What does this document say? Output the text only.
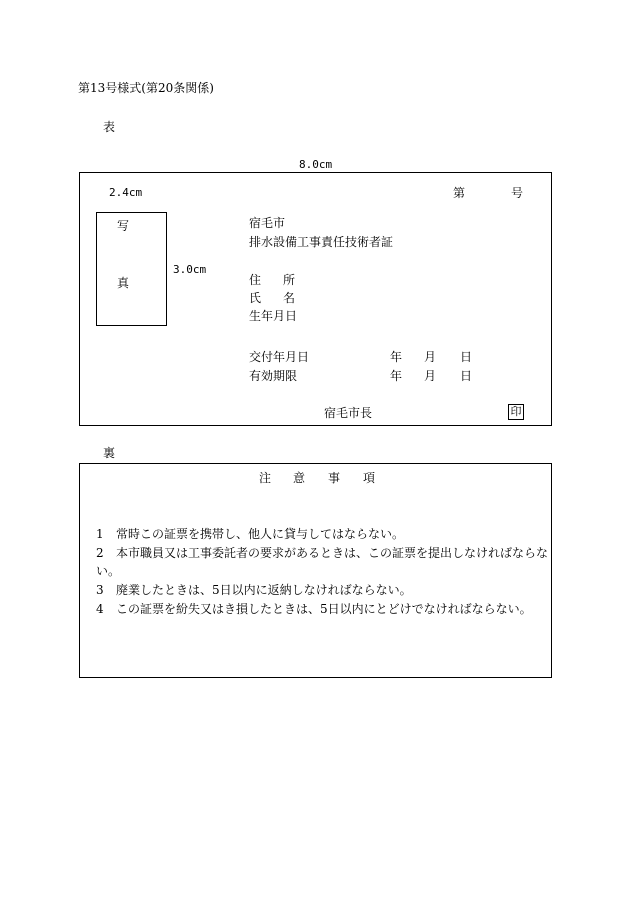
第13号様式(第20条関係)
表
8.0cm
2.4cm	第	号
写
真
3.0cm
宿毛市
排水設備工事責任技術者証
住 所
氏 名
生年月日
交付年月日	年 月 日
有効期限	年 月 日
宿毛市長	印
裏
注 意 事 項
1 常時この証票を携帯し、他人に貸与してはならない。
2 本市職員又は工事委託者の要求があるときは、この証票を提出しなければならな
い。
3 廃業したときは、5日以内に返納しなければならない。
4 この証票を紛失又はき損したときは、5日以内にとどけでなければならない。
